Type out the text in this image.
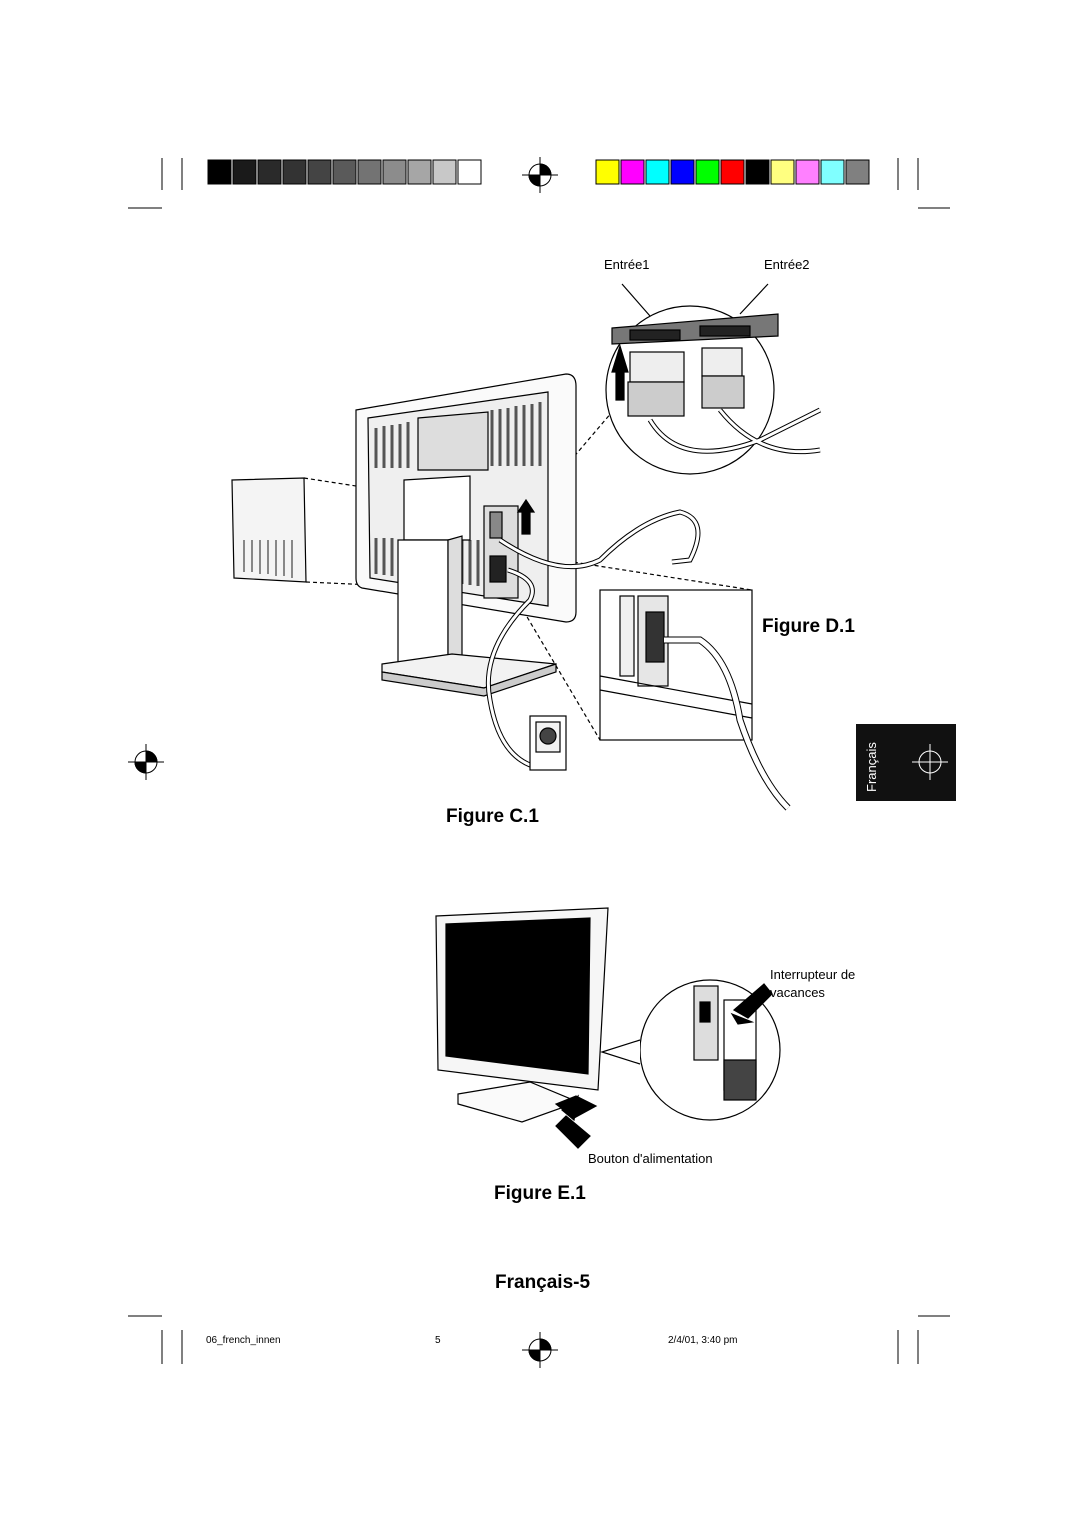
Entrée1	Entrée2
Figure D.1
Figure C.1
Interrupteur de
vacances
Bouton d'alimentation
Figure E.1
Français
Français-5
06_french_innen	5	2/4/01, 3:40 pm
